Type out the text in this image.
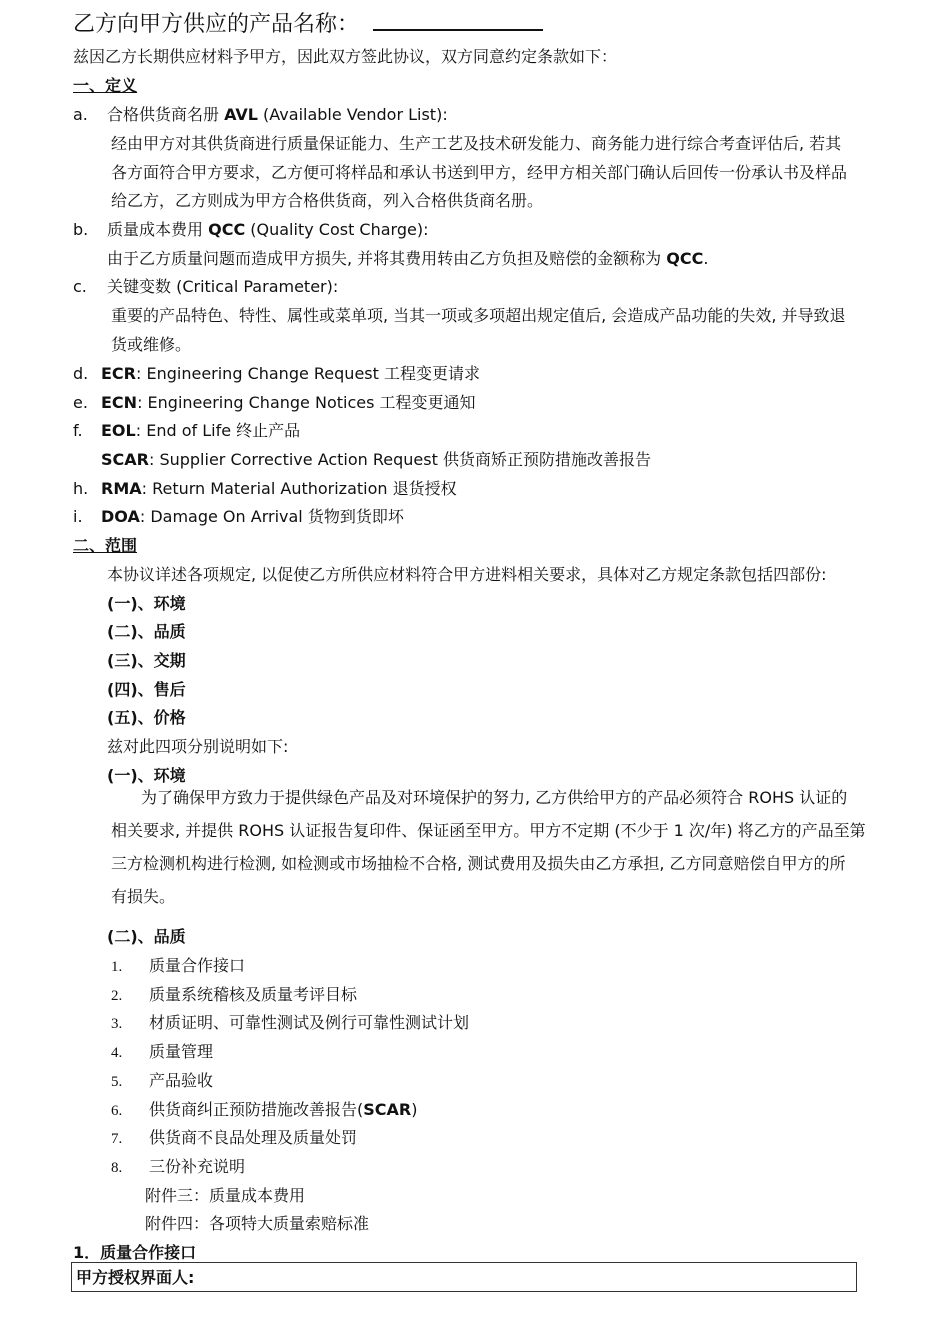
乙方向甲方供应的产品名称：
兹因乙方长期供应材料予甲方，因此双方签此协议，双方同意约定条款如下：
一、定义
a. 合格供货商名册 AVL (Available Vendor List):
经由甲方对其供货商进行质量保证能力、生产工艺及技术研发能力、商务能力进行综合考查评估后, 若其
各方面符合甲方要求，乙方便可将样品和承认书送到甲方，经甲方相关部门确认后回传一份承认书及样品
给乙方，乙方则成为甲方合格供货商，列入合格供货商名册。
b. 质量成本费用 QCC (Quality Cost Charge):
由于乙方质量问题而造成甲方损失, 并将其费用转由乙方负担及赔偿的金额称为 QCC.
c. 关键变数 (Critical Parameter):
重要的产品特色、特性、属性或菜单项, 当其一项或多项超出规定值后, 会造成产品功能的失效, 并导致退
货或维修。
d. ECR: Engineering Change Request 工程变更请求
e. ECN: Engineering Change Notices 工程变更通知
f. EOL: End of Life 终止产品
SCAR: Supplier Corrective Action Request 供货商矫正预防措施改善报告
h. RMA: Return Material Authorization 退货授权
i. DOA: Damage On Arrival 货物到货即坏
二、范围
本协议详述各项规定, 以促使乙方所供应材料符合甲方进料相关要求，具体对乙方规定条款包括四部份:
(一)、环境
(二)、品质
(三)、交期
(四)、售后
(五)、价格
兹对此四项分别说明如下:
(一)、环境
为了确保甲方致力于提供绿色产品及对环境保护的努力, 乙方供给甲方的产品必须符合 ROHS 认证的
相关要求, 并提供 ROHS 认证报告复印件、保证函至甲方。甲方不定期 (不少于 1 次/年) 将乙方的产品至第
三方检测机构进行检测, 如检测或市场抽检不合格, 测试费用及损失由乙方承担, 乙方同意赔偿自甲方的所
有损失。
(二)、品质
1. 质量合作接口
2. 质量系统稽核及质量考评目标
3. 材质证明、可靠性测试及例行可靠性测试计划
4. 质量管理
5. 产品验收
6. 供货商纠正预防措施改善报告(SCAR)
7. 供货商不良品处理及质量处罚
8. 三份补充说明
附件三：质量成本费用
附件四：各项特大质量索赔标准
1．质量合作接口
甲方授权界面人:
